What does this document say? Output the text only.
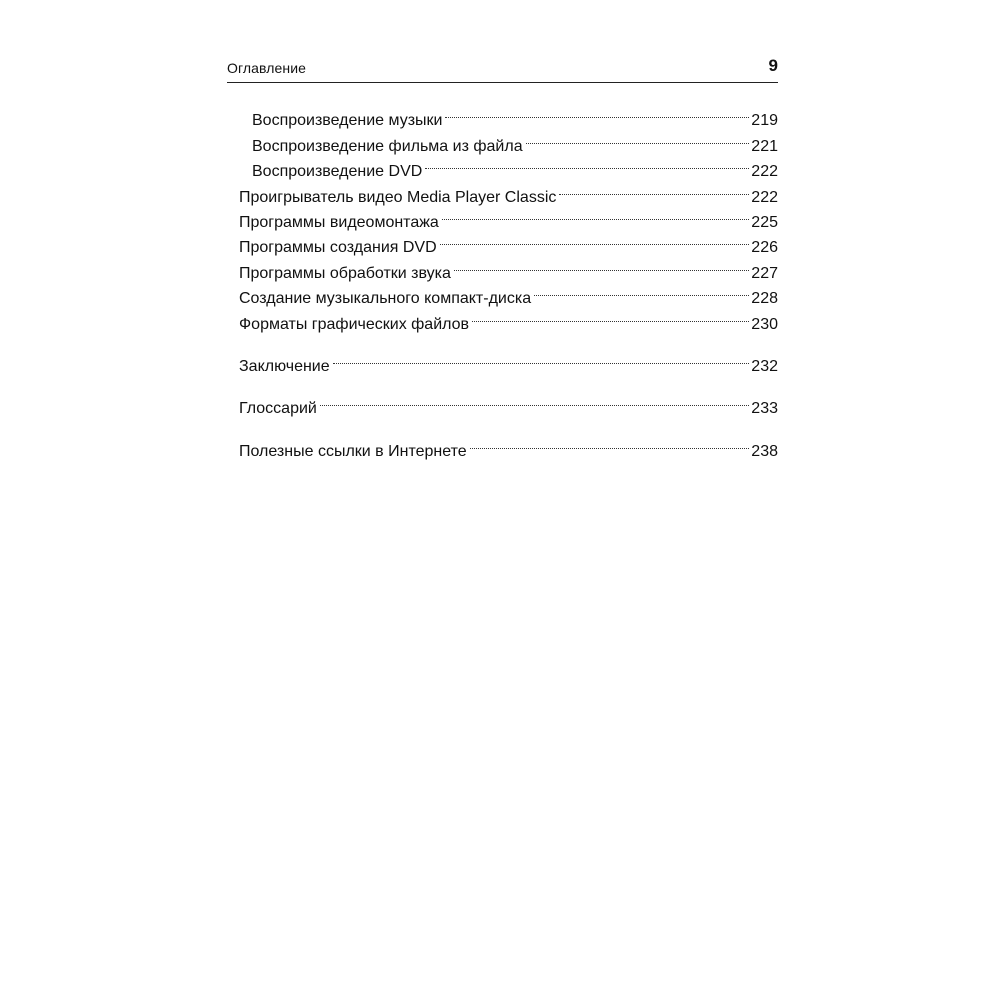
Оглавление	9
Воспроизведение музыки	219
Воспроизведение фильма из файла	221
Воспроизведение DVD	222
Проигрыватель видео Media Player Classic	222
Программы видеомонтажа	225
Программы создания DVD	226
Программы обработки звука	227
Создание музыкального компакт-диска	228
Форматы графических файлов	230
Заключение	232
Глоссарий	233
Полезные ссылки в Интернете	238
